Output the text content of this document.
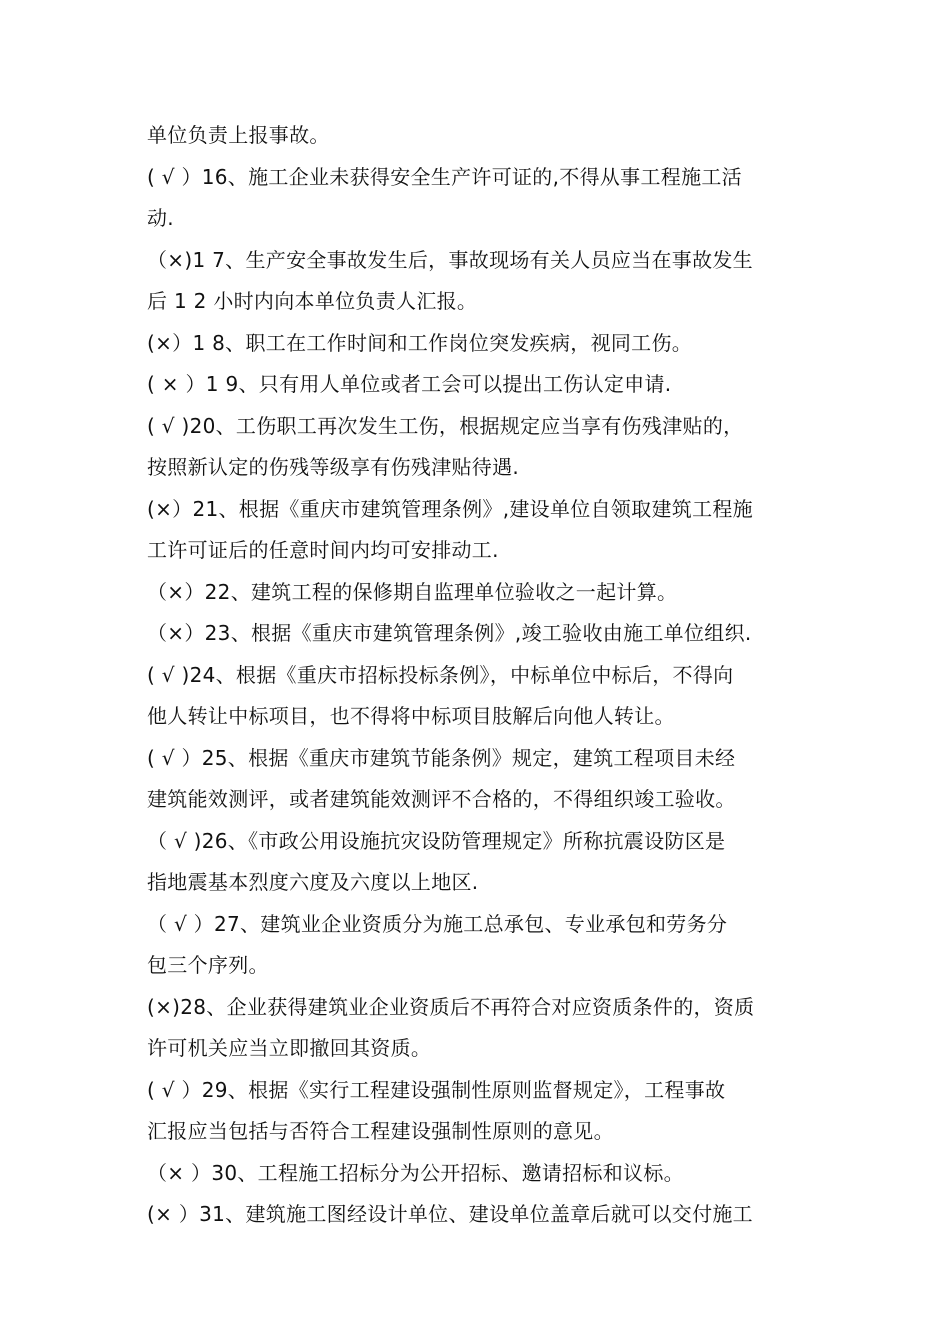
单位负责上报事故。
( √ ）16、施工企业未获得安全生产许可证的,不得从事工程施工活
动.
（×)1 7、生产安全事故发生后，事故现场有关人员应当在事故发生
后 1 2 小时内向本单位负责人汇报。
(×）1 8、职工在工作时间和工作岗位突发疾病，视同工伤。
( × ）1 9、只有用人单位或者工会可以提出工伤认定申请.
( √ )20、工伤职工再次发生工伤，根据规定应当享有伤残津贴的，
按照新认定的伤残等级享有伤残津贴待遇.
(×）21、根据《重庆市建筑管理条例》,建设单位自领取建筑工程施
工许可证后的任意时间内均可安排动工.
（×）22、建筑工程的保修期自监理单位验收之一起计算。
（×）23、根据《重庆市建筑管理条例》,竣工验收由施工单位组织.
( √ )24、根据《重庆市招标投标条例》，中标单位中标后，不得向
他人转让中标项目，也不得将中标项目肢解后向他人转让。
( √ ）25、根据《重庆市建筑节能条例》规定，建筑工程项目未经
建筑能效测评，或者建筑能效测评不合格的，不得组织竣工验收。
（ √ )26、《市政公用设施抗灾设防管理规定》所称抗震设防区是
指地震基本烈度六度及六度以上地区.
（ √ ）27、建筑业企业资质分为施工总承包、专业承包和劳务分
包三个序列。
(×)28、企业获得建筑业企业资质后不再符合对应资质条件的，资质
许可机关应当立即撤回其资质。
( √ ）29、根据《实行工程建设强制性原则监督规定》，工程事故
汇报应当包括与否符合工程建设强制性原则的意见。
（× ）30、工程施工招标分为公开招标、邀请招标和议标。
(× ）31、建筑施工图经设计单位、建设单位盖章后就可以交付施工
